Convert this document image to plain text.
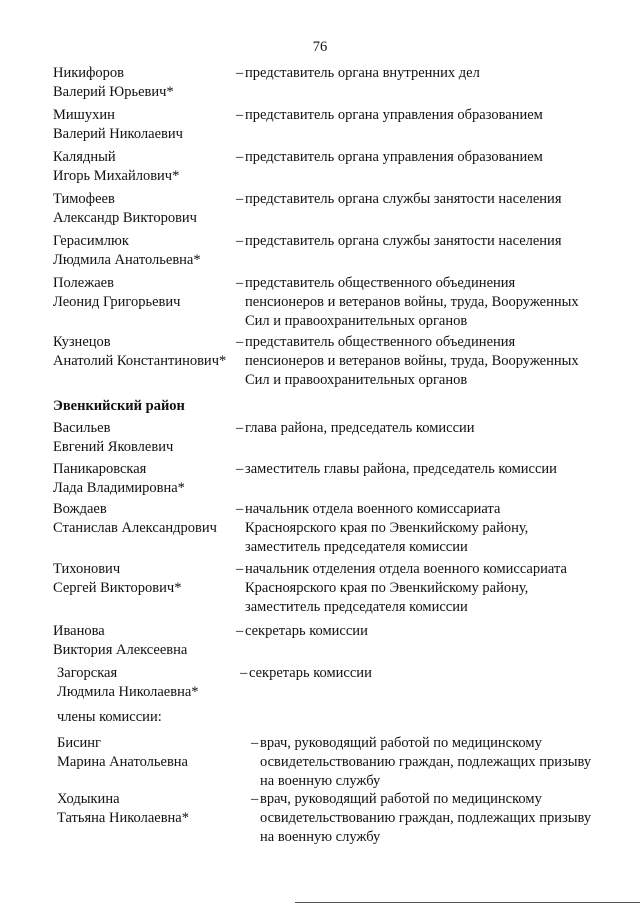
76
Никифоров
Валерий Юрьевич*
– представитель органа внутренних дел
Мишухин
Валерий Николаевич
– представитель органа управления образованием
Калядный
Игорь Михайлович*
– представитель органа управления образованием
Тимофеев
Александр Викторович
– представитель органа службы занятости населения
Герасимлюк
Людмила Анатольевна*
– представитель органа службы занятости населения
Полежаев
Леонид Григорьевич
– представитель общественного объединения
пенсионеров и ветеранов войны, труда, Вооруженных
Сил и правоохранительных органов
Кузнецов
Анатолий Константинович*
– представитель общественного объединения
пенсионеров и ветеранов войны, труда, Вооруженных
Сил и правоохранительных органов
Эвенкийский район
Васильев
Евгений Яковлевич
– глава района, председатель комиссии
Паникаровская
Лада Владимировна*
– заместитель главы района, председатель комиссии
Вождаев
Станислав Александрович
– начальник отдела военного комиссариата
Красноярского края по Эвенкийскому району,
заместитель председателя комиссии
Тихонович
Сергей Викторович*
– начальник отделения отдела военного комиссариата
Красноярского края по Эвенкийскому району,
заместитель председателя комиссии
Иванова
Виктория Алексеевна
– секретарь комиссии
Загорская
Людмила Николаевна*
– секретарь комиссии
члены комиссии:
Бисинг
Марина Анатольевна
– врач, руководящий работой по медицинскому
освидетельствованию граждан, подлежащих призыву
на военную службу
Ходыкина
Татьяна Николаевна*
– врач, руководящий работой по медицинскому
освидетельствованию граждан, подлежащих призыву
на военную службу
